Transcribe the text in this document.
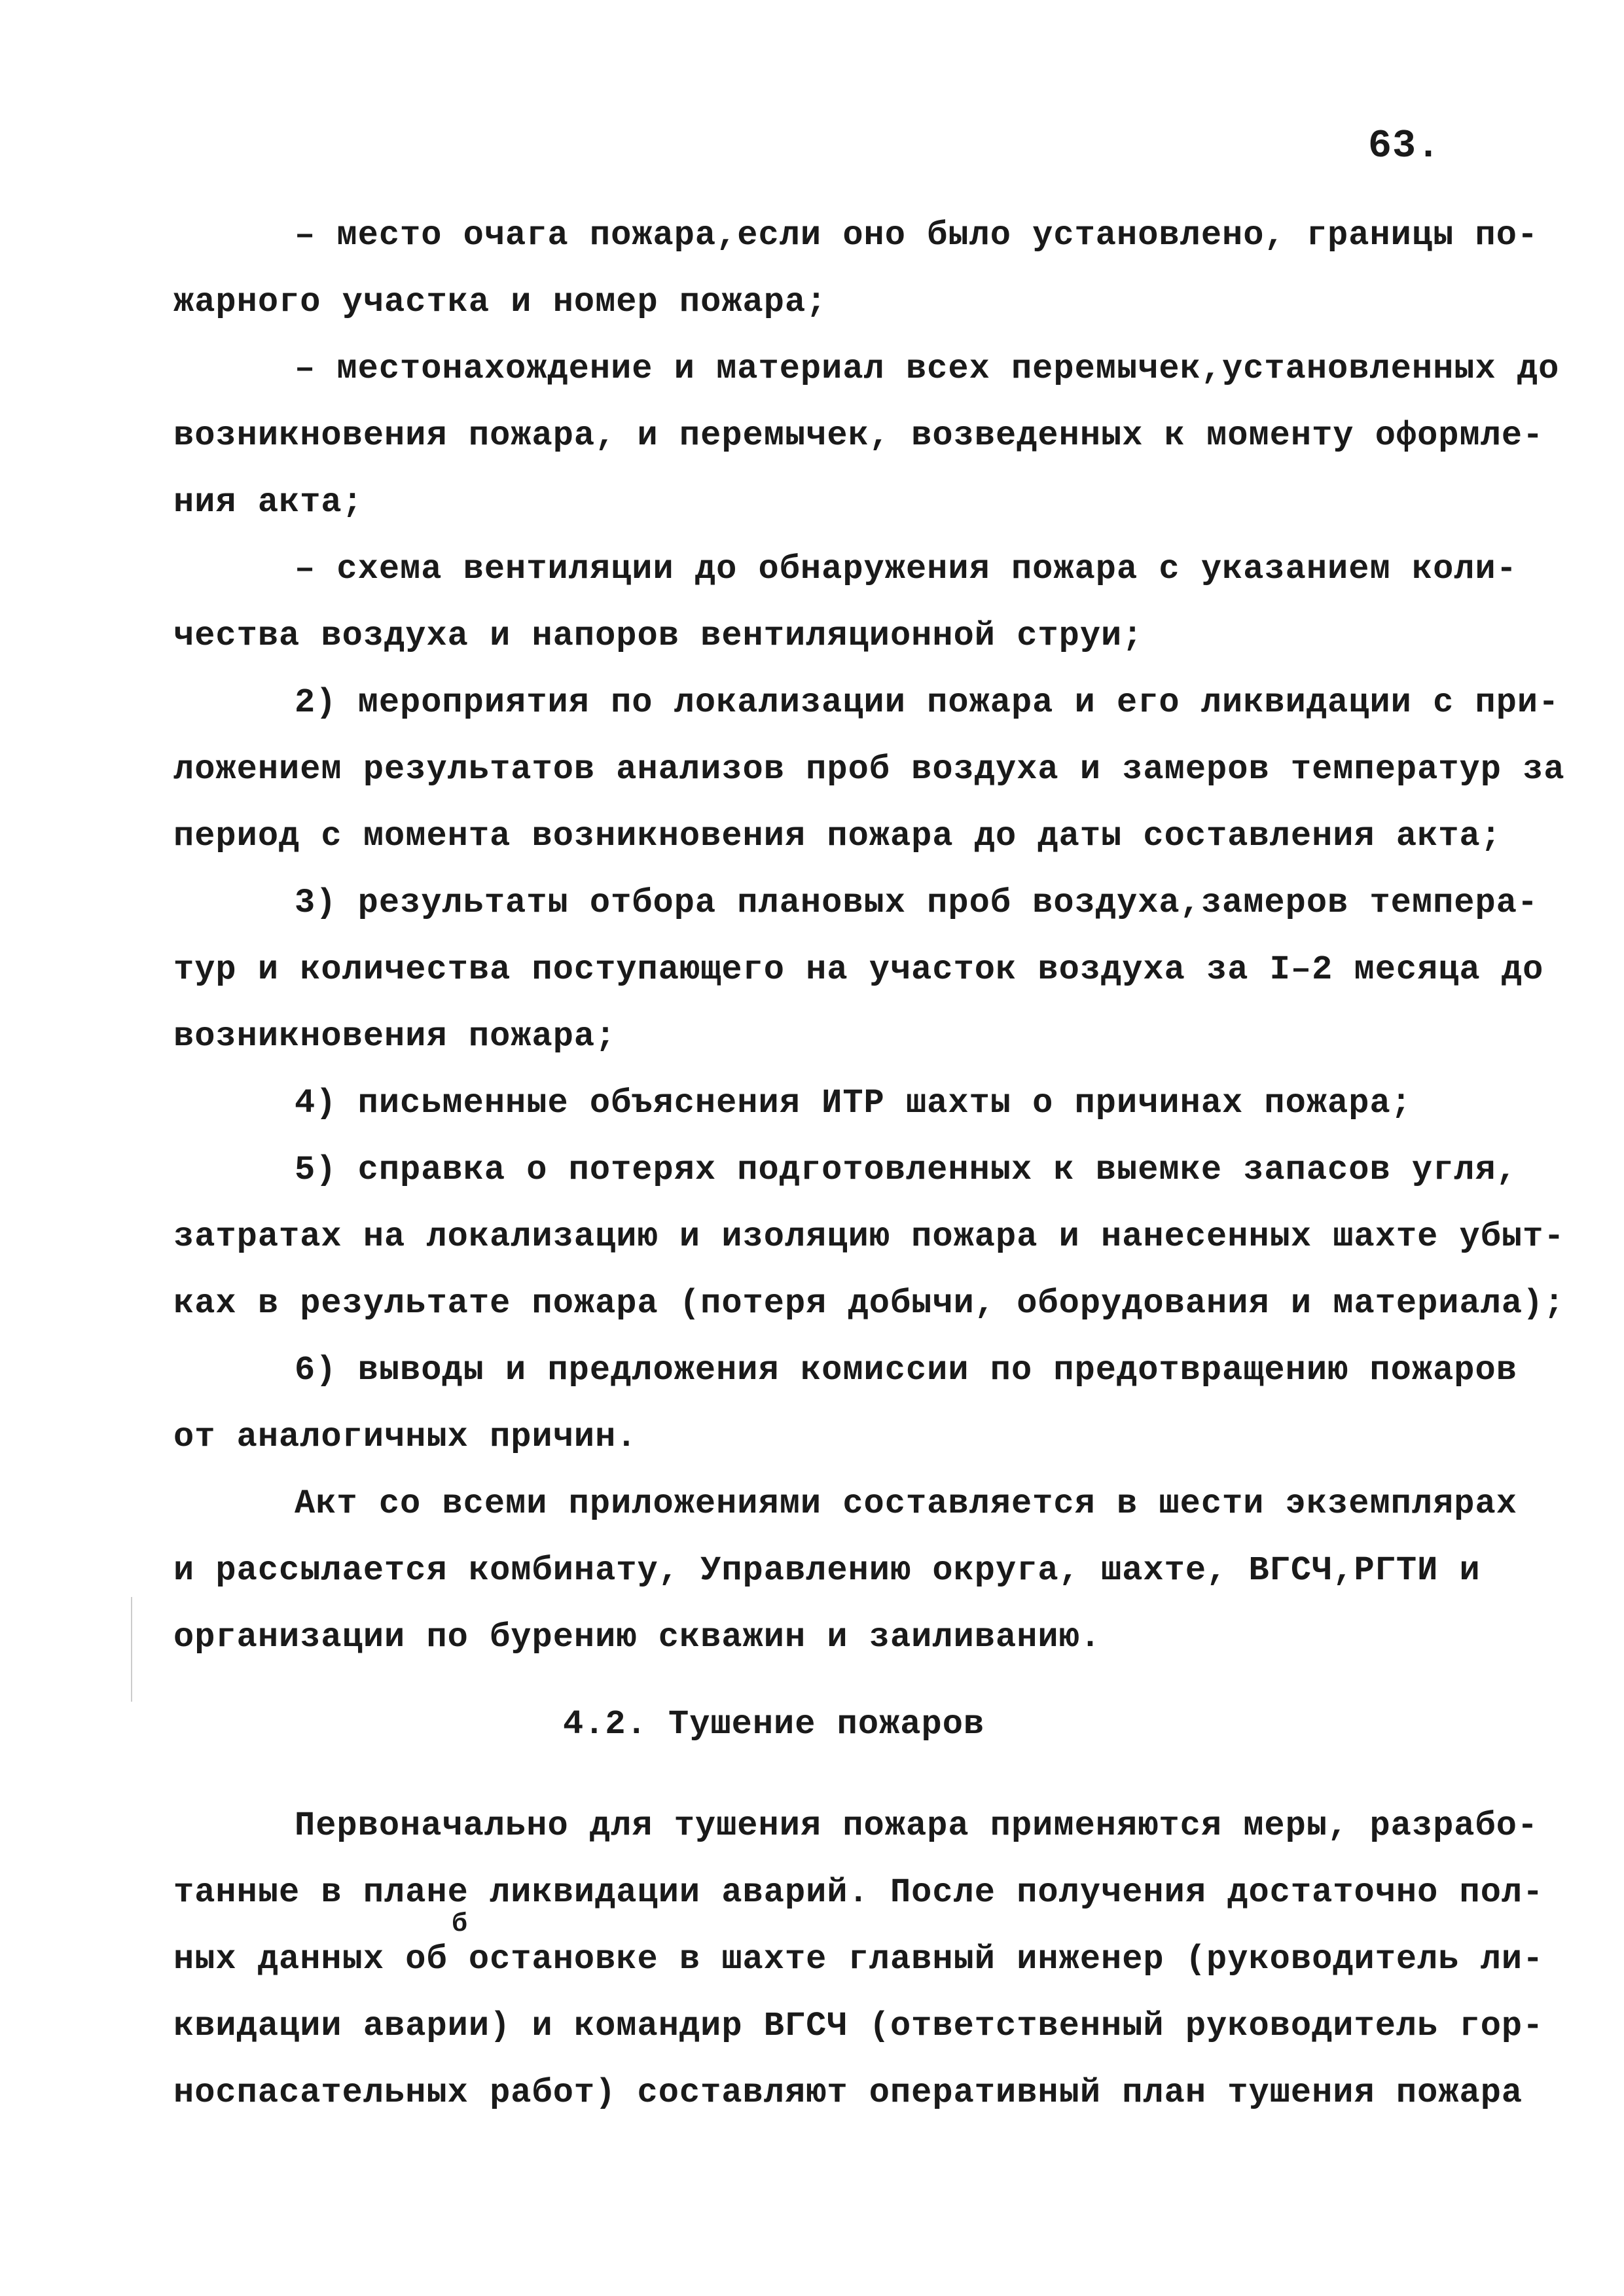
63.
– место очага пожара,если оно было установлено, границы по-
жарного участка и номер пожара;
– местонахождение и материал всех перемычек,установленных до
возникновения пожара, и перемычек, возведенных к моменту оформле-
ния акта;
– схема вентиляции до обнаружения пожара с указанием коли-
чества воздуха и напоров вентиляционной струи;
2) мероприятия по локализации пожара и его ликвидации с при-
ложением результатов анализов проб воздуха и замеров температур за
период с момента возникновения пожара до даты составления акта;
3) результаты отбора плановых проб воздуха,замеров темпера-
тур и количества поступающего на участок воздуха за I–2 месяца до
возникновения пожара;
4) письменные объяснения ИТР шахты о причинах пожара;
5) справка о потерях подготовленных к выемке запасов угля,
затратах на локализацию и изоляцию пожара и нанесенных шахте убыт-
ках в результате пожара (потеря добычи, оборудования и материала);
6) выводы и предложения комиссии по предотвращению пожаров
от аналогичных причин.
Акт со всеми приложениями составляется в шести экземплярах
и рассылается комбинату, Управлению округа, шахте, ВГСЧ,РГТИ и
организации по бурению скважин и заиливанию.
4.2. Тушение пожаров
Первоначально для тушения пожара применяются меры, разрабо-
танные в плане ликвидации аварий. После получения достаточно пол-
ных данных об остановке в шахте главный инженер (руководитель ли-
квидации аварии) и командир ВГСЧ (ответственный руководитель гор-
носпасательных работ) составляют оперативный план тушения пожара
б
